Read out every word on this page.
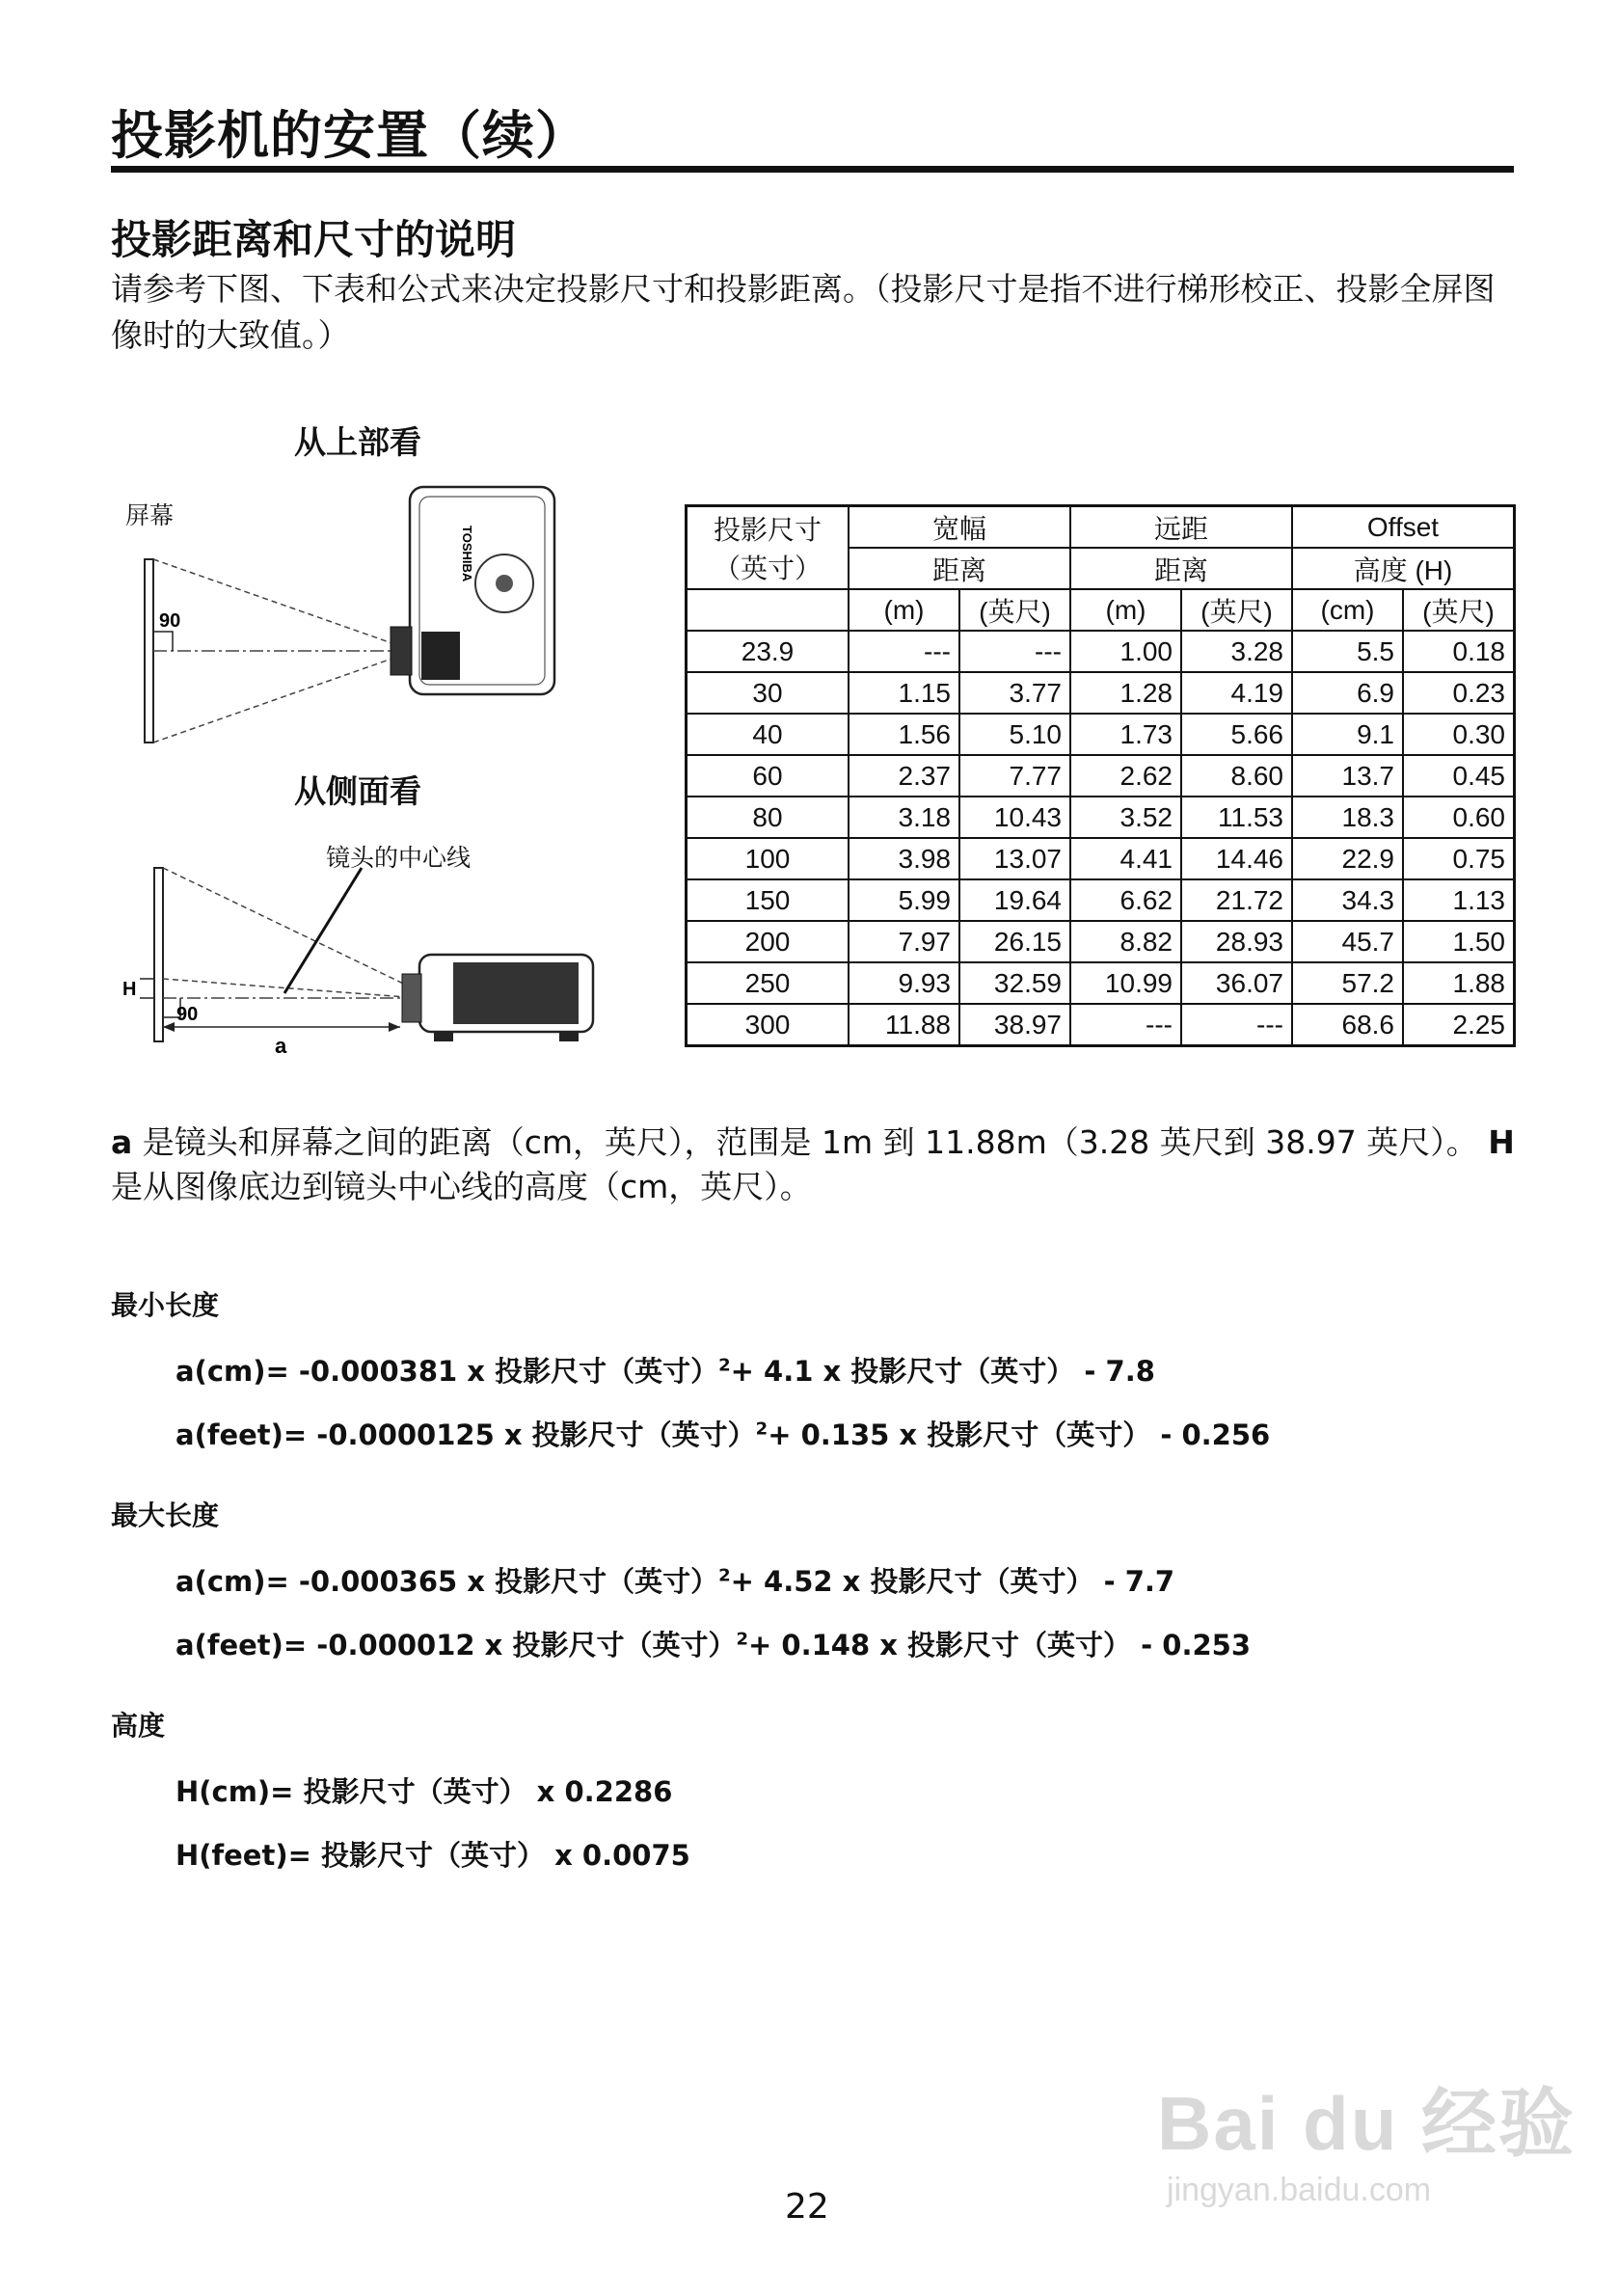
投影机的安置（续）
投影距离和尺寸的说明
请参考下图、下表和公式来决定投影尺寸和投影距离。（投影尺寸是指不进行梯形校正、投影全屏图像时的大致值。）
从上部看
屏幕
90
TOSHIBA
从侧面看
镜头的中心线
H
90
a
投影尺寸
（英寸）	宽幅		远距		Offset	
	距离		距离		高度 (H)	
	(m)	(英尺)	(m)	(英尺)	(cm)	(英尺)
23.9	---	---	1.00	3.28	5.5	0.18
30	1.15	3.77	1.28	4.19	6.9	0.23
40	1.56	5.10	1.73	5.66	9.1	0.30
60	2.37	7.77	2.62	8.60	13.7	0.45
80	3.18	10.43	3.52	11.53	18.3	0.60
100	3.98	13.07	4.41	14.46	22.9	0.75
150	5.99	19.64	6.62	21.72	34.3	1.13
200	7.97	26.15	8.82	28.93	45.7	1.50
250	9.93	32.59	10.99	36.07	57.2	1.88
300	11.88	38.97	---	---	68.6	2.25
a 是镜头和屏幕之间的距离（cm，英尺），范围是 1m 到 11.88m（3.28 英尺到 38.97 英尺）。 H 是从图像底边到镜头中心线的高度（cm，英尺）。
最小长度
a(cm)= -0.000381 x 投影尺寸（英寸）$^2$+ 4.1 x 投影尺寸（英寸） - 7.8
a(feet)= -0.0000125 x 投影尺寸（英寸）$^2$+ 0.135 x 投影尺寸（英寸） - 0.256
最大长度
a(cm)= -0.000365 x 投影尺寸（英寸）$^2$+ 4.52 x 投影尺寸（英寸） - 7.7
a(feet)= -0.000012 x 投影尺寸（英寸）$^2$+ 0.148 x 投影尺寸（英寸） - 0.253
高度
H(cm)= 投影尺寸（英寸） x 0.2286
H(feet)= 投影尺寸（英寸） x 0.0075
22
Bai du 经验
jingyan.baidu.com
